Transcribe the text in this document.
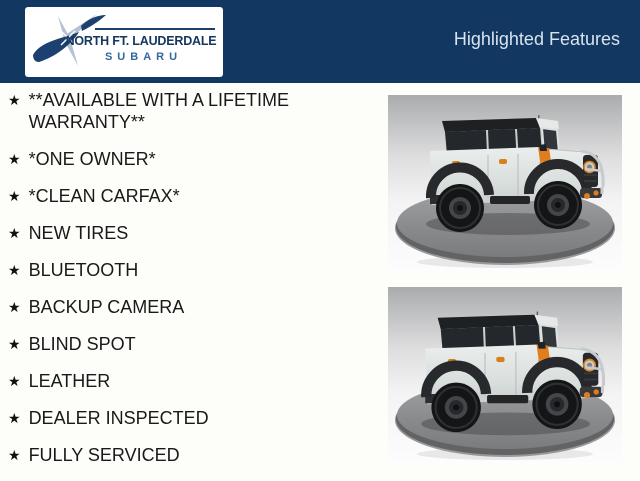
NORTH FT. LAUDERDALE
SUBARU
Highlighted Features
★ **AVAILABLE WITH A LIFETIME WARRANTY**
★ *ONE OWNER*
★ *CLEAN CARFAX*
★ NEW TIRES
★ BLUETOOTH
★ BACKUP CAMERA
★ BLIND SPOT
★ LEATHER
★ DEALER INSPECTED
★ FULLY SERVICED
